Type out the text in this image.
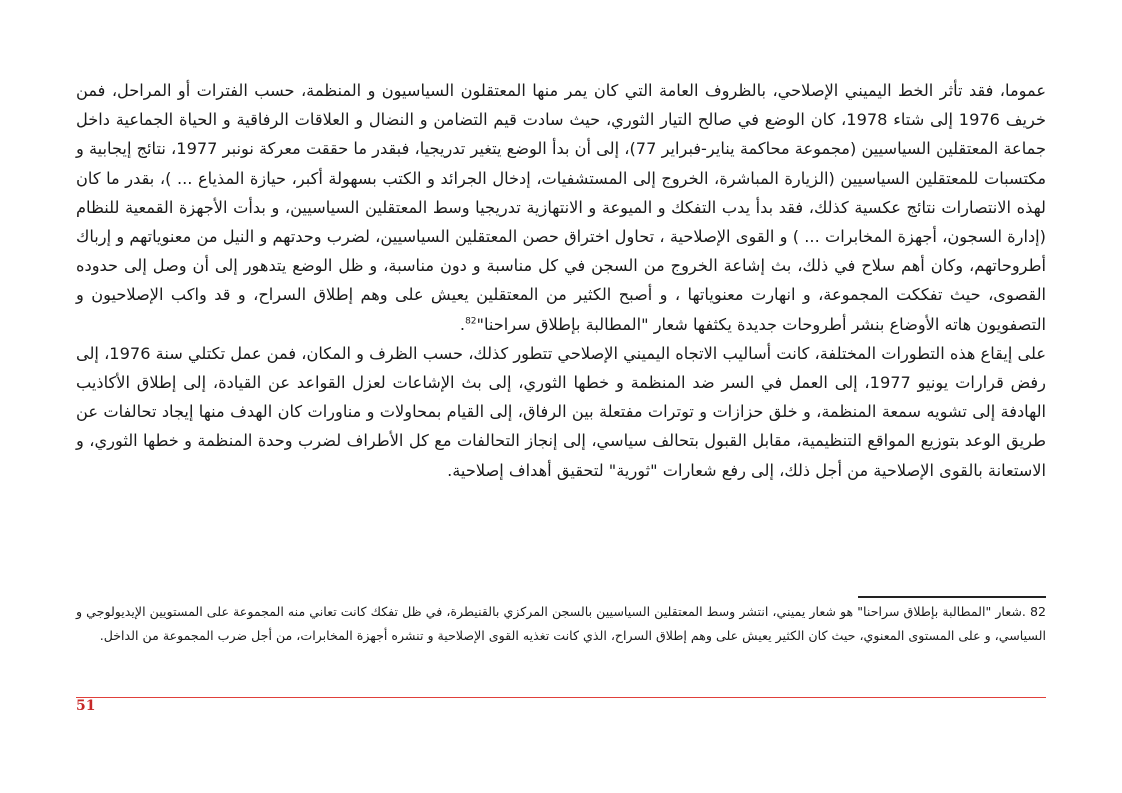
عموما، فقد تأثر الخط اليميني الإصلاحي، بالظروف العامة التي كان يمر منها المعتقلون السياسيون و المنظمة، حسب الفترات أو المراحل، فمن خريف 1976 إلى شتاء 1978، كان الوضع في صالح التيار الثوري، حيث سادت قيم التضامن و النضال و العلاقات الرفاقية و الحياة الجماعية داخل جماعة المعتقلين السياسيين (مجموعة محاكمة يناير-فبراير 77)، إلى أن بدأ الوضع يتغير تدريجيا، فبقدر ما حققت معركة نونبر 1977، نتائج إيجابية و مكتسبات للمعتقلين السياسيين (الزيارة المباشرة، الخروج إلى المستشفيات، إدخال الجرائد و الكتب بسهولة أكبر، حيازة المذياع ... )، بقدر ما كان لهذه الانتصارات نتائج عكسية كذلك، فقد بدأ يدب التفكك و الميوعة و الانتهازية تدريجيا وسط المعتقلين السياسيين، و بدأت الأجهزة القمعية للنظام (إدارة السجون، أجهزة المخابرات ... ) و القوى الإصلاحية ، تحاول اختراق حصن المعتقلين السياسيين، لضرب وحدتهم و النيل من معنوياتهم و إرباك أطروحاتهم، وكان أهم سلاح في ذلك، بث إشاعة الخروج من السجن في كل مناسبة و دون مناسبة، و ظل الوضع يتدهور إلى أن وصل إلى حدوده القصوى، حيث تفككت المجموعة، و انهارت معنوياتها ، و أصبح الكثير من المعتقلين يعيش على وهم إطلاق السراح، و قد واكب الإصلاحيون و التصفويون هاته الأوضاع بنشر أطروحات جديدة يكثفها شعار "المطالبة بإطلاق سراحنا"$^{82}$.

على إيقاع هذه التطورات المختلفة، كانت أساليب الاتجاه اليميني الإصلاحي تتطور كذلك، حسب الظرف و المكان، فمن عمل تكتلي سنة 1976، إلى رفض قرارات يونيو 1977، إلى العمل في السر ضد المنظمة و خطها الثوري، إلى بث الإشاعات لعزل القواعد عن القيادة، إلى إطلاق الأكاذيب الهادفة إلى تشويه سمعة المنظمة، و خلق حزازات و توترات مفتعلة بين الرفاق، إلى القيام بمحاولات و مناورات كان الهدف منها إيجاد تحالفات عن طريق الوعد بتوزيع المواقع التنظيمية، مقابل القبول بتحالف سياسي، إلى إنجاز التحالفات مع كل الأطراف لضرب وحدة المنظمة و خطها الثوري، و الاستعانة بالقوى الإصلاحية من أجل ذلك، إلى رفع شعارات "ثورية" لتحقيق أهداف إصلاحية.

82 .شعار "المطالبة بإطلاق سراحنا" هو شعار يميني، انتشر وسط المعتقلين السياسيين بالسجن المركزي بالقنيطرة، في ظل تفكك كانت تعاني منه المجموعة على المستويين الإيديولوجي و السياسي، و على المستوى المعنوي، حيث كان الكثير يعيش على وهم إطلاق السراح، الذي كانت تغذيه القوى الإصلاحية و تنشره أجهزة المخابرات، من أجل ضرب المجموعة من الداخل.
51
